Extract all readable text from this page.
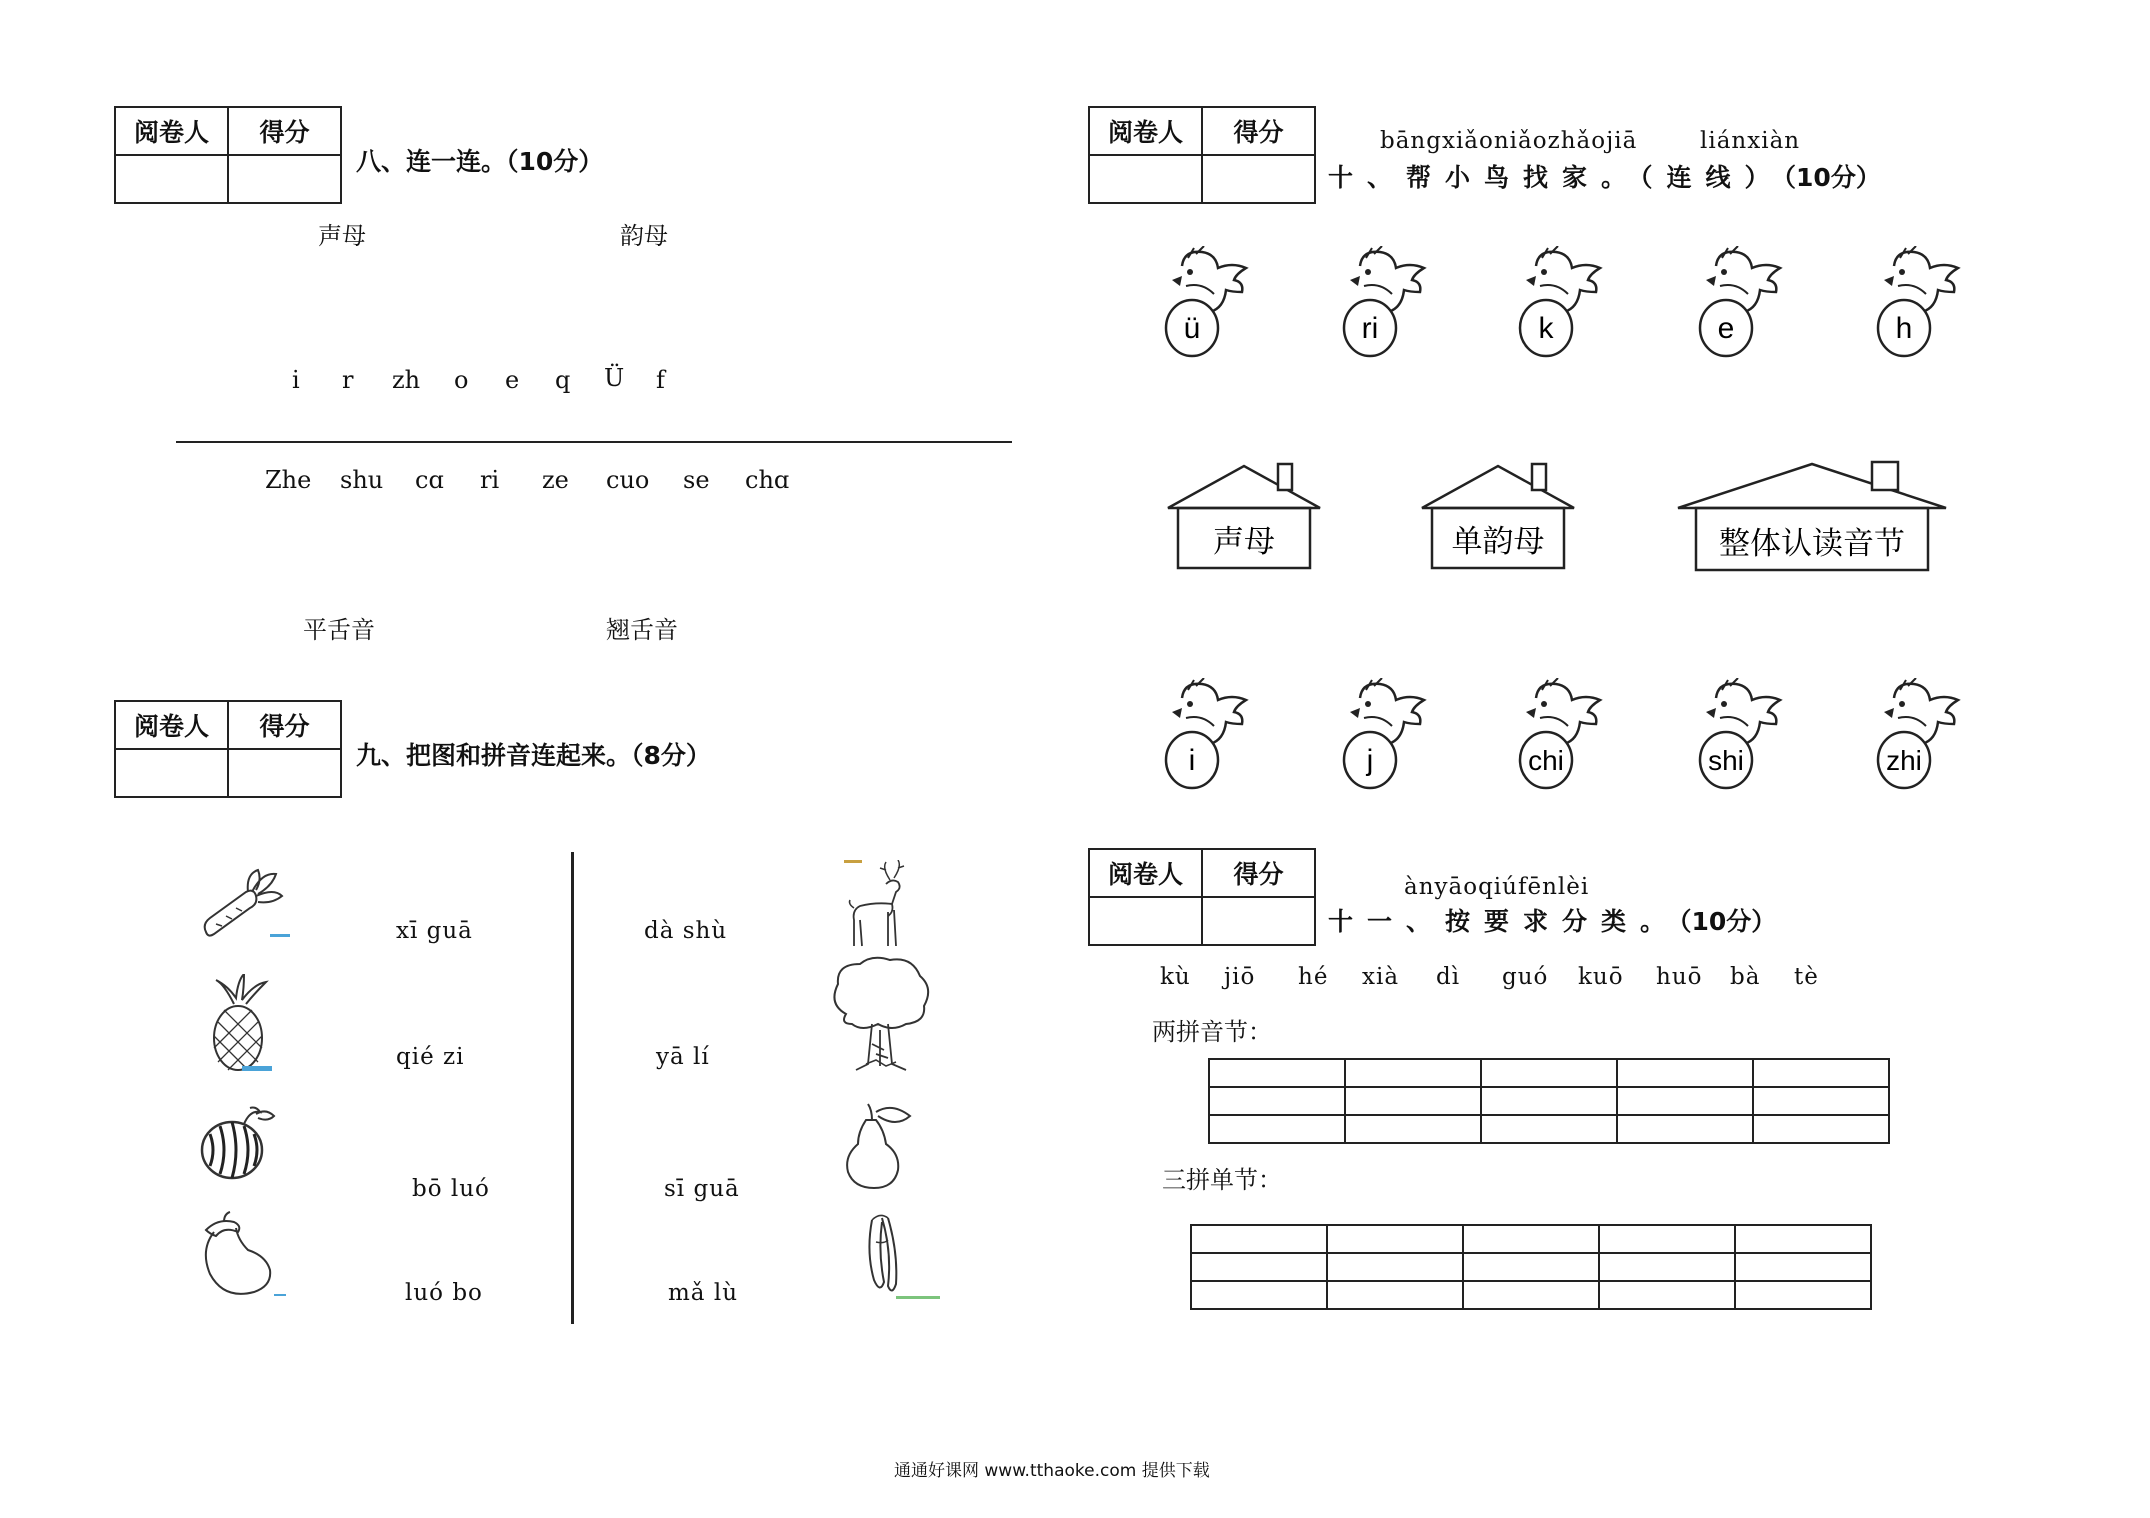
阅卷人	得分

八、连一连。（10分）
声母	韵母
i r zh o e q Ü f
Zhe shu cɑ ri ze cuo se chɑ
平舌音	翘舌音
阅卷人	得分

九、把图和拼音连起来。（8分）
xī guā
qié zi
bō luó
luó bo
dà shù
yā lí
sī guā
mǎ lù
阅卷人	得分
		bāngxiǎoniǎozhǎojiā	liánxiàn
十、帮小鸟找家。（连线）（10分）
ü	ri	k	e	h
声母	单韵母	整体认读音节
i	j	chi	shi	zhi
阅卷人	得分
		ànyāoqiúfēnlèi
十一、按要求分类。（10分）
kù jiō hé xià dì guó kuō huō bà tè
两拼音节：

三拼单节：

通通好课网 www.tthaoke.com 提供下载
